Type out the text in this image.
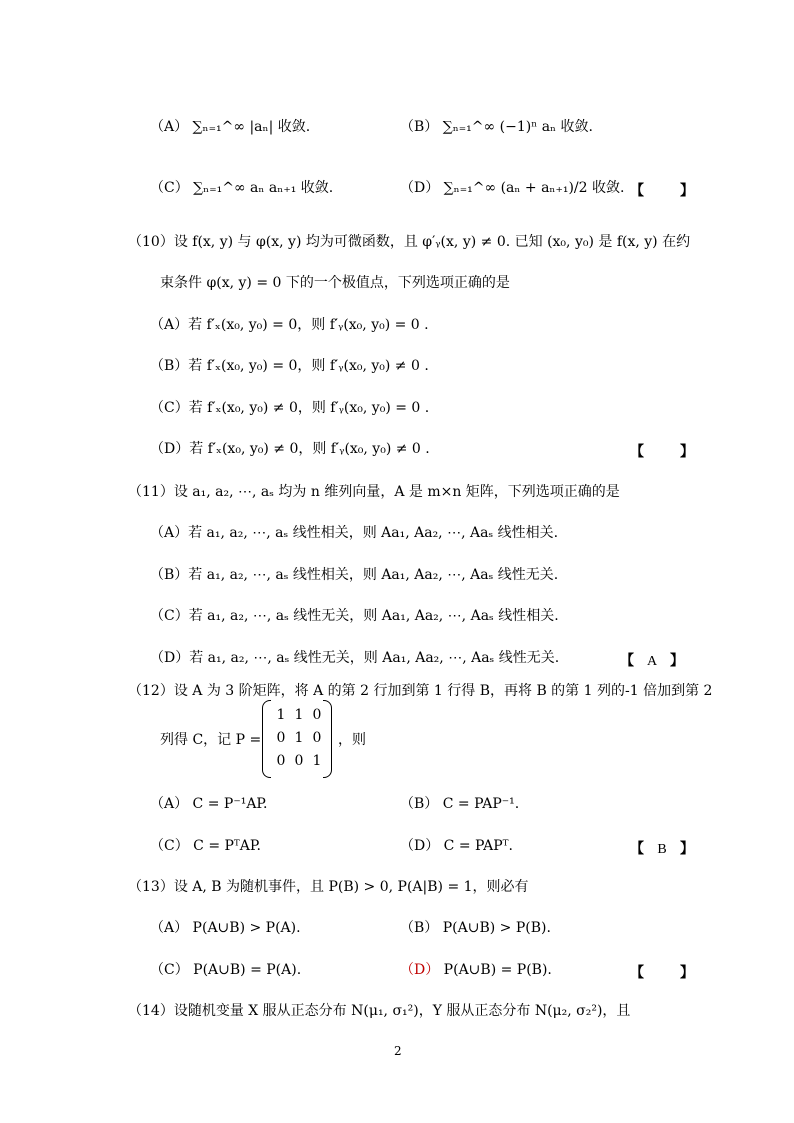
（A） ∑ₙ₌₁^∞ |aₙ| 收敛.	（B） ∑ₙ₌₁^∞ (−1)ⁿ aₙ 收敛.
（C） ∑ₙ₌₁^∞ aₙ aₙ₊₁ 收敛.	（D） ∑ₙ₌₁^∞ (aₙ + aₙ₊₁)/2 收敛. 【	】
（10）设 f(x, y) 与 φ(x, y) 均为可微函数，且 φ′ᵧ(x, y) ≠ 0. 已知 (x₀, y₀) 是 f(x, y) 在约
束条件 φ(x, y) = 0 下的一个极值点，下列选项正确的是
（A）若 f′ₓ(x₀, y₀) = 0，则 f′ᵧ(x₀, y₀) = 0 .
（B）若 f′ₓ(x₀, y₀) = 0，则 f′ᵧ(x₀, y₀) ≠ 0 .
（C）若 f′ₓ(x₀, y₀) ≠ 0，则 f′ᵧ(x₀, y₀) = 0 .
（D）若 f′ₓ(x₀, y₀) ≠ 0，则 f′ᵧ(x₀, y₀) ≠ 0 .	【	】
（11）设 a₁, a₂, ⋯, aₛ 均为 n 维列向量，A 是 m×n 矩阵，下列选项正确的是
（A）若 a₁, a₂, ⋯, aₛ 线性相关，则 Aa₁, Aa₂, ⋯, Aaₛ 线性相关.
（B）若 a₁, a₂, ⋯, aₛ 线性相关，则 Aa₁, Aa₂, ⋯, Aaₛ 线性无关.
（C）若 a₁, a₂, ⋯, aₛ 线性无关，则 Aa₁, Aa₂, ⋯, Aaₛ 线性相关.
（D）若 a₁, a₂, ⋯, aₛ 线性无关，则 Aa₁, Aa₂, ⋯, Aaₛ 线性无关.	【 A 】
（12）设 A 为 3 阶矩阵，将 A 的第 2 行加到第 1 行得 B，再将 B 的第 1 列的-1 倍加到第 2
列得 C，记 P =
1	1	0
0	1	0
0	0	1
，则
（A） C = P⁻¹AP.	（B） C = PAP⁻¹.
（C） C = PᵀAP.	（D） C = PAPᵀ.	【 B 】
（13）设 A, B 为随机事件，且 P(B) > 0, P(A|B) = 1，则必有
（A） P(A∪B) > P(A).	（B） P(A∪B) > P(B).
（C） P(A∪B) = P(A).	（D） P(A∪B) = P(B).	【	】
（14）设随机变量 X 服从正态分布 N(μ₁, σ₁²)，Y 服从正态分布 N(μ₂, σ₂²)，且
2
